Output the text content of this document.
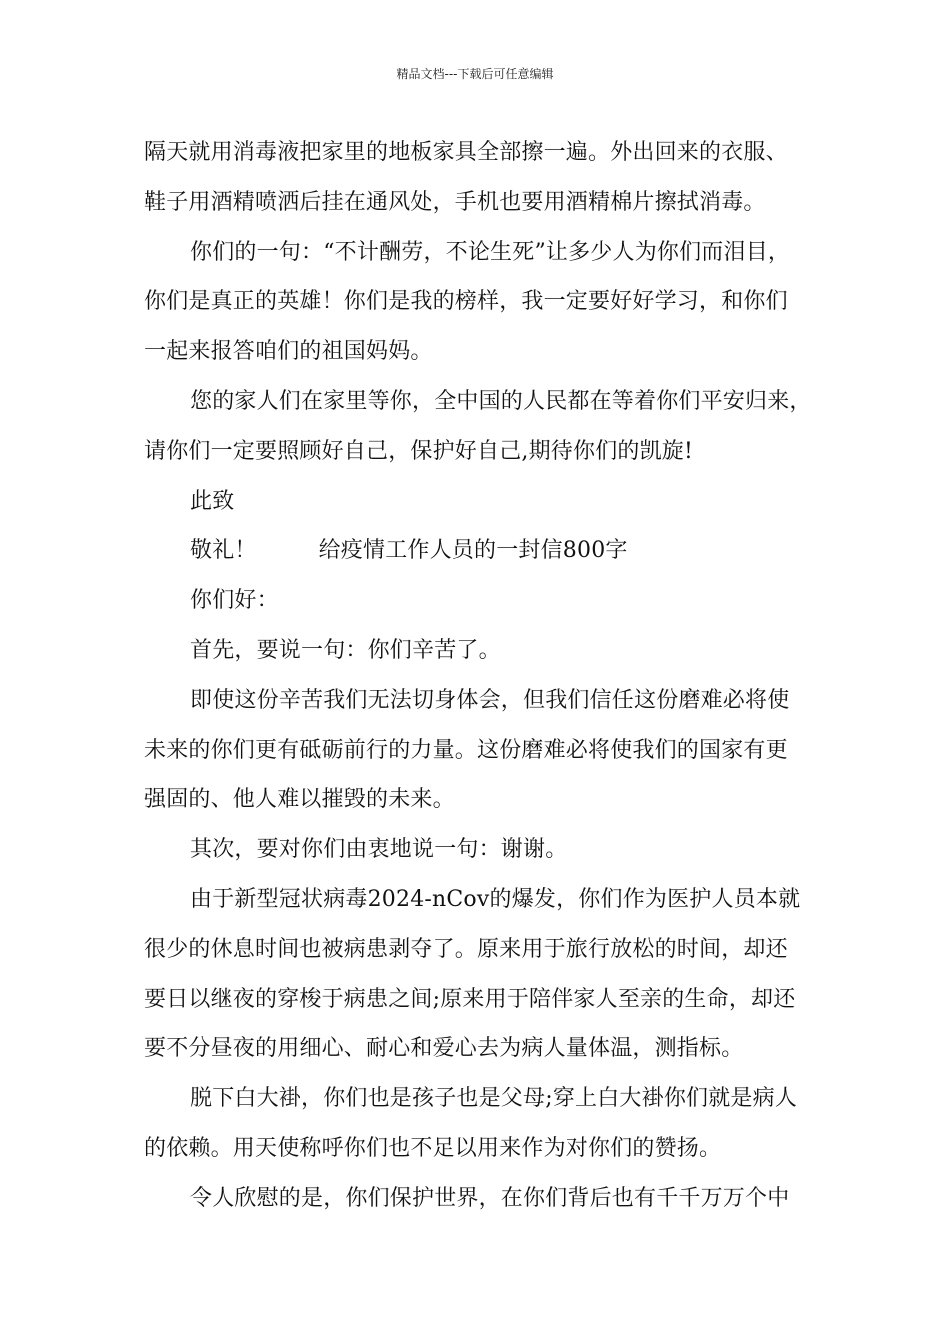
精品文档---下载后可任意编辑
隔天就用消毒液把家里的地板家具全部擦一遍。外出回来的衣服、
鞋子用酒精喷洒后挂在通风处，手机也要用酒精棉片擦拭消毒。
你们的一句：“不计酬劳，不论生死”让多少人为你们而泪目，
你们是真正的英雄！你们是我的榜样，我一定要好好学习，和你们
一起来报答咱们的祖国妈妈。
您的家人们在家里等你，全中国的人民都在等着你们平安归来，
请你们一定要照顾好自己，保护好自己,期待你们的凯旋!
此致
敬礼！	给疫情工作人员的一封信800字
你们好：
首先，要说一句：你们辛苦了。
即使这份辛苦我们无法切身体会，但我们信任这份磨难必将使
未来的你们更有砥砺前行的力量。这份磨难必将使我们的国家有更
强固的、他人难以摧毁的未来。
其次，要对你们由衷地说一句：谢谢。
由于新型冠状病毒2024-nCov的爆发，你们作为医护人员本就
很少的休息时间也被病患剥夺了。原来用于旅行放松的时间，却还
要日以继夜的穿梭于病患之间;原来用于陪伴家人至亲的生命，却还
要不分昼夜的用细心、耐心和爱心去为病人量体温，测指标。
脱下白大褂，你们也是孩子也是父母;穿上白大褂你们就是病人
的依赖。用天使称呼你们也不足以用来作为对你们的赞扬。
令人欣慰的是，你们保护世界，在你们背后也有千千万万个中
